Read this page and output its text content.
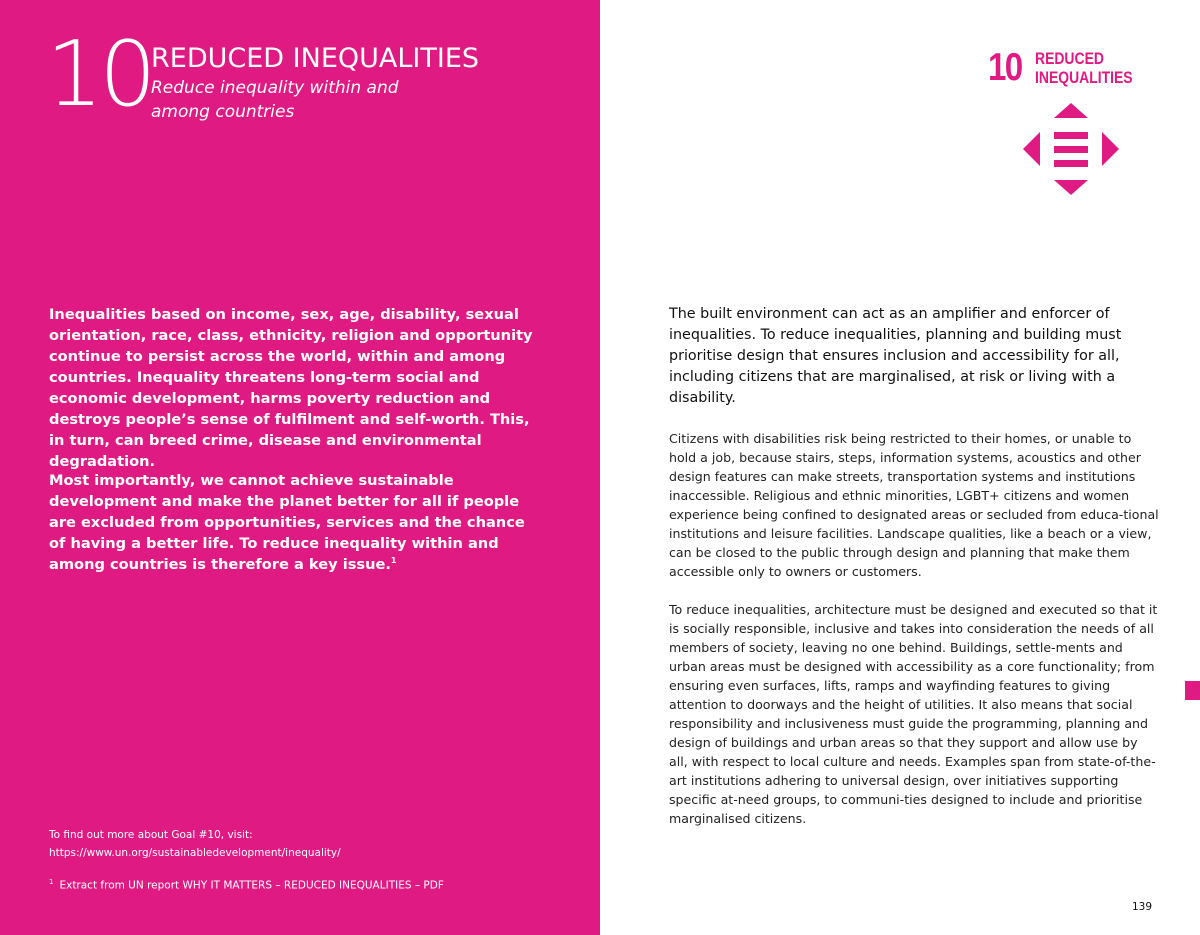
10
REDUCED INEQUALITIES

Reduce inequality within and among countries

Inequalities based on income, sex, age, disability, sexual orientation, race, class, ethnicity, religion and opportunity continue to persist across the world, within and among countries. Inequality threatens long-term social and economic development, harms poverty reduction and destroys people’s sense of fulfilment and self-worth. This, in turn, can breed crime, disease and environmental degradation.

Most importantly, we cannot achieve sustainable development and make the planet better for all if people are excluded from opportunities, services and the chance of having a better life. To reduce inequality within and among countries is therefore a key issue.$^1$

To find out more about Goal #10, visit:
https://www.un.org/sustainabledevelopment/inequality/

$^1$ Extract from UN report WHY IT MATTERS – REDUCED INEQUALITIES – PDF

The built environment can act as an amplifier and enforcer of inequalities. To reduce inequalities, planning and building must prioritise design that ensures inclusion and accessibility for all, including citizens that are marginalised, at risk or living with a disability.

Citizens with disabilities risk being restricted to their homes, or unable to hold a job, because stairs, steps, information systems, acoustics and other design features can make streets, transportation systems and institutions inaccessible. Religious and ethnic minorities, LGBT+ citizens and women experience being confined to designated areas or secluded from educa-tional institutions and leisure facilities. Landscape qualities, like a beach or a view, can be closed to the public through design and planning that make them accessible only to owners or customers.

To reduce inequalities, architecture must be designed and executed so that it is socially responsible, inclusive and takes into consideration the needs of all members of society, leaving no one behind. Buildings, settle-ments and urban areas must be designed with accessibility as a core functionality; from ensuring even surfaces, lifts, ramps and wayfinding features to giving attention to doorways and the height of utilities. It also means that social responsibility and inclusiveness must guide the programming, planning and design of buildings and urban areas so that they support and allow use by all, with respect to local culture and needs. Examples span from state-of-the-art institutions adhering to universal design, over initiatives supporting specific at-need groups, to communi-ties designed to include and prioritise marginalised citizens.

139

10 REDUCED
INEQUALITIES
